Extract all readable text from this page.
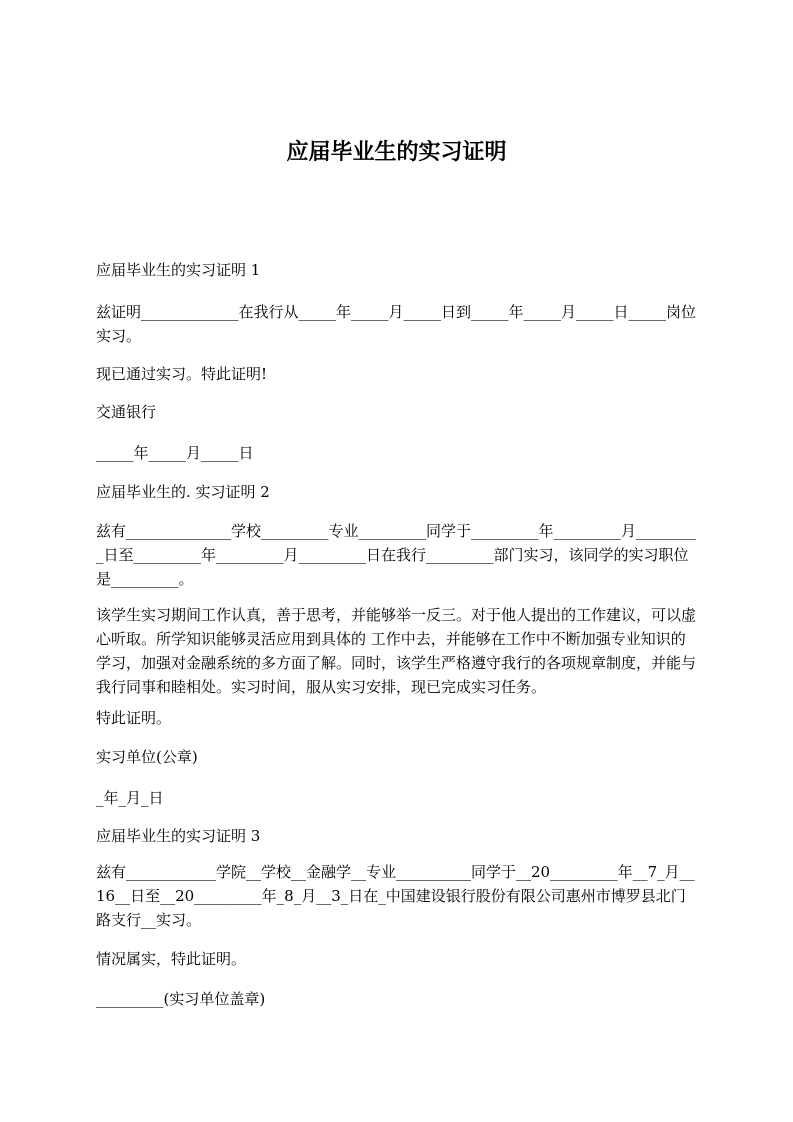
应届毕业生的实习证明

应届毕业生的实习证明 1

兹证明_____________在我行从_____年_____月_____日到_____年_____月_____日_____岗位实习。

现已通过实习。特此证明!

交通银行

_____年_____月_____日

应届毕业生的. 实习证明 2

兹有______________学校_________专业_________同学于_________年_________月_________日至_________年_________月_________日在我行_________部门实习，该同学的实习职位是_________。

该学生实习期间工作认真，善于思考，并能够举一反三。对于他人提出的工作建议，可以虚心听取。所学知识能够灵活应用到具体的 工作中去，并能够在工作中不断加强专业知识的学习，加强对金融系统的多方面了解。同时，该学生严格遵守我行的各项规章制度，并能与我行同事和睦相处。实习时间，服从实习安排，现已完成实习任务。

特此证明。

实习单位(公章)

_年_月_日

应届毕业生的实习证明 3

兹有____________学院__学校__金融学__专业__________同学于__20_________年__7_月__16__日至__20_________年_8_月__3_日在_中国建设银行股份有限公司惠州市博罗县北门路支行__实习。

情况属实，特此证明。

_________(实习单位盖章)
